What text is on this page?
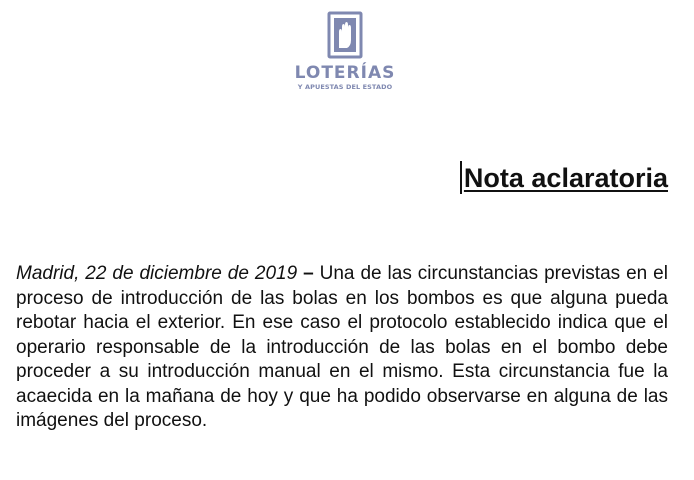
LOTERÍAS
Y APUESTAS DEL ESTADO
Nota aclaratoria

Madrid, 22 de diciembre de 2019 – Una de las circunstancias previstas en el proceso de introducción de las bolas en los bombos es que alguna pueda rebotar hacia el exterior. En ese caso el protocolo establecido indica que el operario responsable de la introducción de las bolas en el bombo debe proceder a su introducción manual en el mismo. Esta circunstancia fue la acaecida en la mañana de hoy y que ha podido observarse en alguna de las imágenes del proceso.
